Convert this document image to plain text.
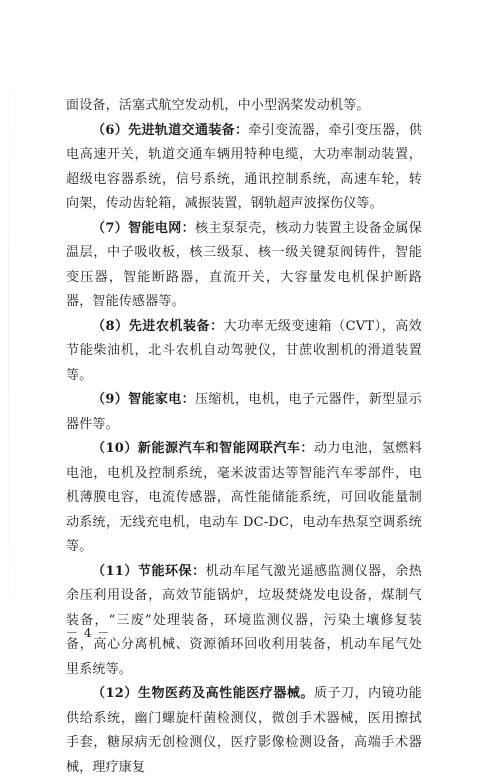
面设备，活塞式航空发动机，中小型涡桨发动机等。

（6）先进轨道交通装备：牵引变流器，牵引变压器，供电高速开关，轨道交通车辆用特种电缆，大功率制动装置，超级电容器系统，信号系统，通讯控制系统，高速车轮，转向架，传动齿轮箱，减振装置，钢轨超声波探伤仪等。

（7）智能电网：核主泵泵壳，核动力装置主设备金属保温层，中子吸收板，核三级泵、核一级关键泵阀铸件，智能变压器，智能断路器，直流开关，大容量发电机保护断路器，智能传感器等。

（8）先进农机装备：大功率无级变速箱（CVT），高效节能柴油机，北斗农机自动驾驶仪，甘蔗收割机的滑道装置等。

（9）智能家电：压缩机，电机，电子元器件，新型显示器件等。

（10）新能源汽车和智能网联汽车：动力电池，氢燃料电池，电机及控制系统，毫米波雷达等智能汽车零部件，电机薄膜电容，电流传感器，高性能储能系统，可回收能量制动系统，无线充电机，电动车 DC-DC，电动车热泵空调系统等。

（11）节能环保：机动车尾气激光遥感监测仪器，余热余压利用设备，高效节能锅炉，垃圾焚烧发电设备，煤制气装备，“三废”处理装备，环境监测仪器，污染土壤修复装备，高心分离机械、资源循环回收利用装备，机动车尾气处里系统等。

（12）生物医药及高性能医疗器械。质子刀，内镜功能供给系统，幽门螺旋杆菌检测仪，微创手术器械，医用擦拭手套，糖尿病无创检测仪，医疗影像检测设备，高端手术器械，理疗康复

－ 4 －
